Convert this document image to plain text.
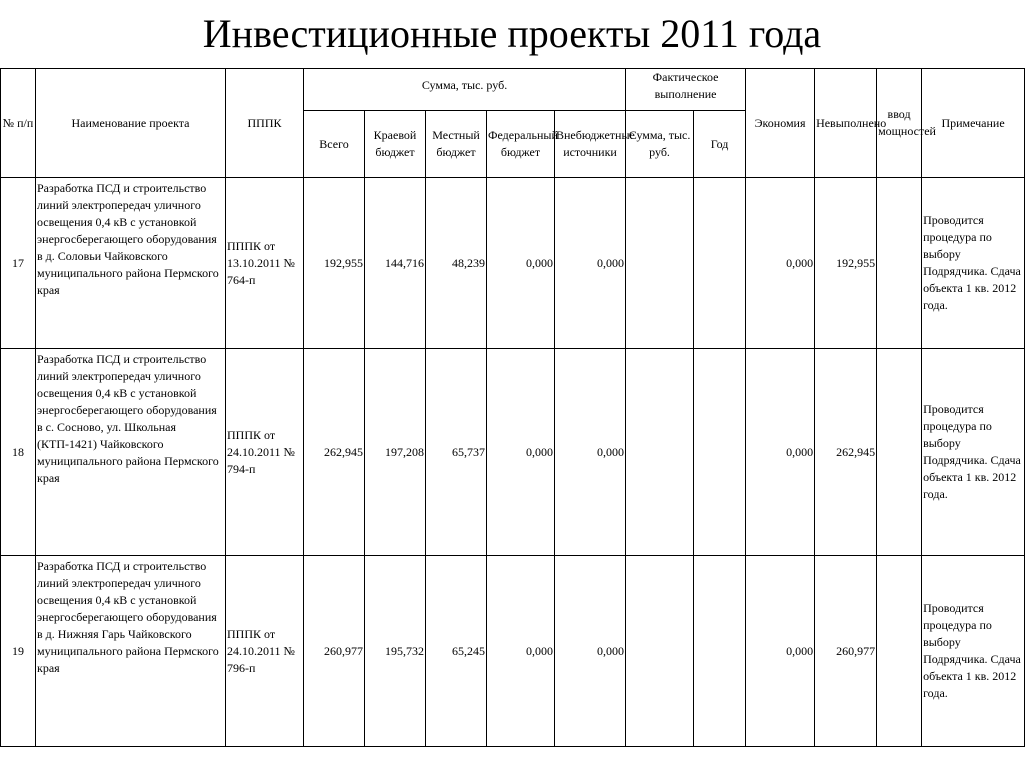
Инвестиционные проекты 2011 года
№ п/п	Наименование проекта	ПППК	Сумма, тыс. руб.					Фактическое выполнение		Экономия	Невыполнено	ввод мощностей	Примечание
			Всего	Краевой бюджет	Местный бюджет	Федеральный бюджет	Внебюджетные источники	Сумма, тыс. руб.	Год				
17	Разработка ПСД и строительство линий электропередач уличного освещения 0,4 кВ с установкой энергосберегающего оборудования в д. Соловьи Чайковского муниципального района Пермского края	ПППК от 13.10.2011 № 764-п	192,955	144,716	48,239	0,000	0,000			0,000	192,955		Проводится процедура по выбору Подрядчика. Сдача объекта 1 кв. 2012 года.
18	Разработка ПСД и строительство линий электропередач уличного освещения 0,4 кВ с установкой энергосберегающего оборудования в с. Сосново, ул. Школьная (КТП-1421) Чайковского муниципального района Пермского края	ПППК от 24.10.2011 № 794-п	262,945	197,208	65,737	0,000	0,000			0,000	262,945		Проводится процедура по выбору Подрядчика. Сдача объекта 1 кв. 2012 года.
19	Разработка ПСД и строительство линий электропередач уличного освещения 0,4 кВ с установкой энергосберегающего оборудования в д. Нижняя Гарь Чайковского муниципального района Пермского края	ПППК от 24.10.2011 № 796-п	260,977	195,732	65,245	0,000	0,000			0,000	260,977		Проводится процедура по выбору Подрядчика. Сдача объекта 1 кв. 2012 года.
